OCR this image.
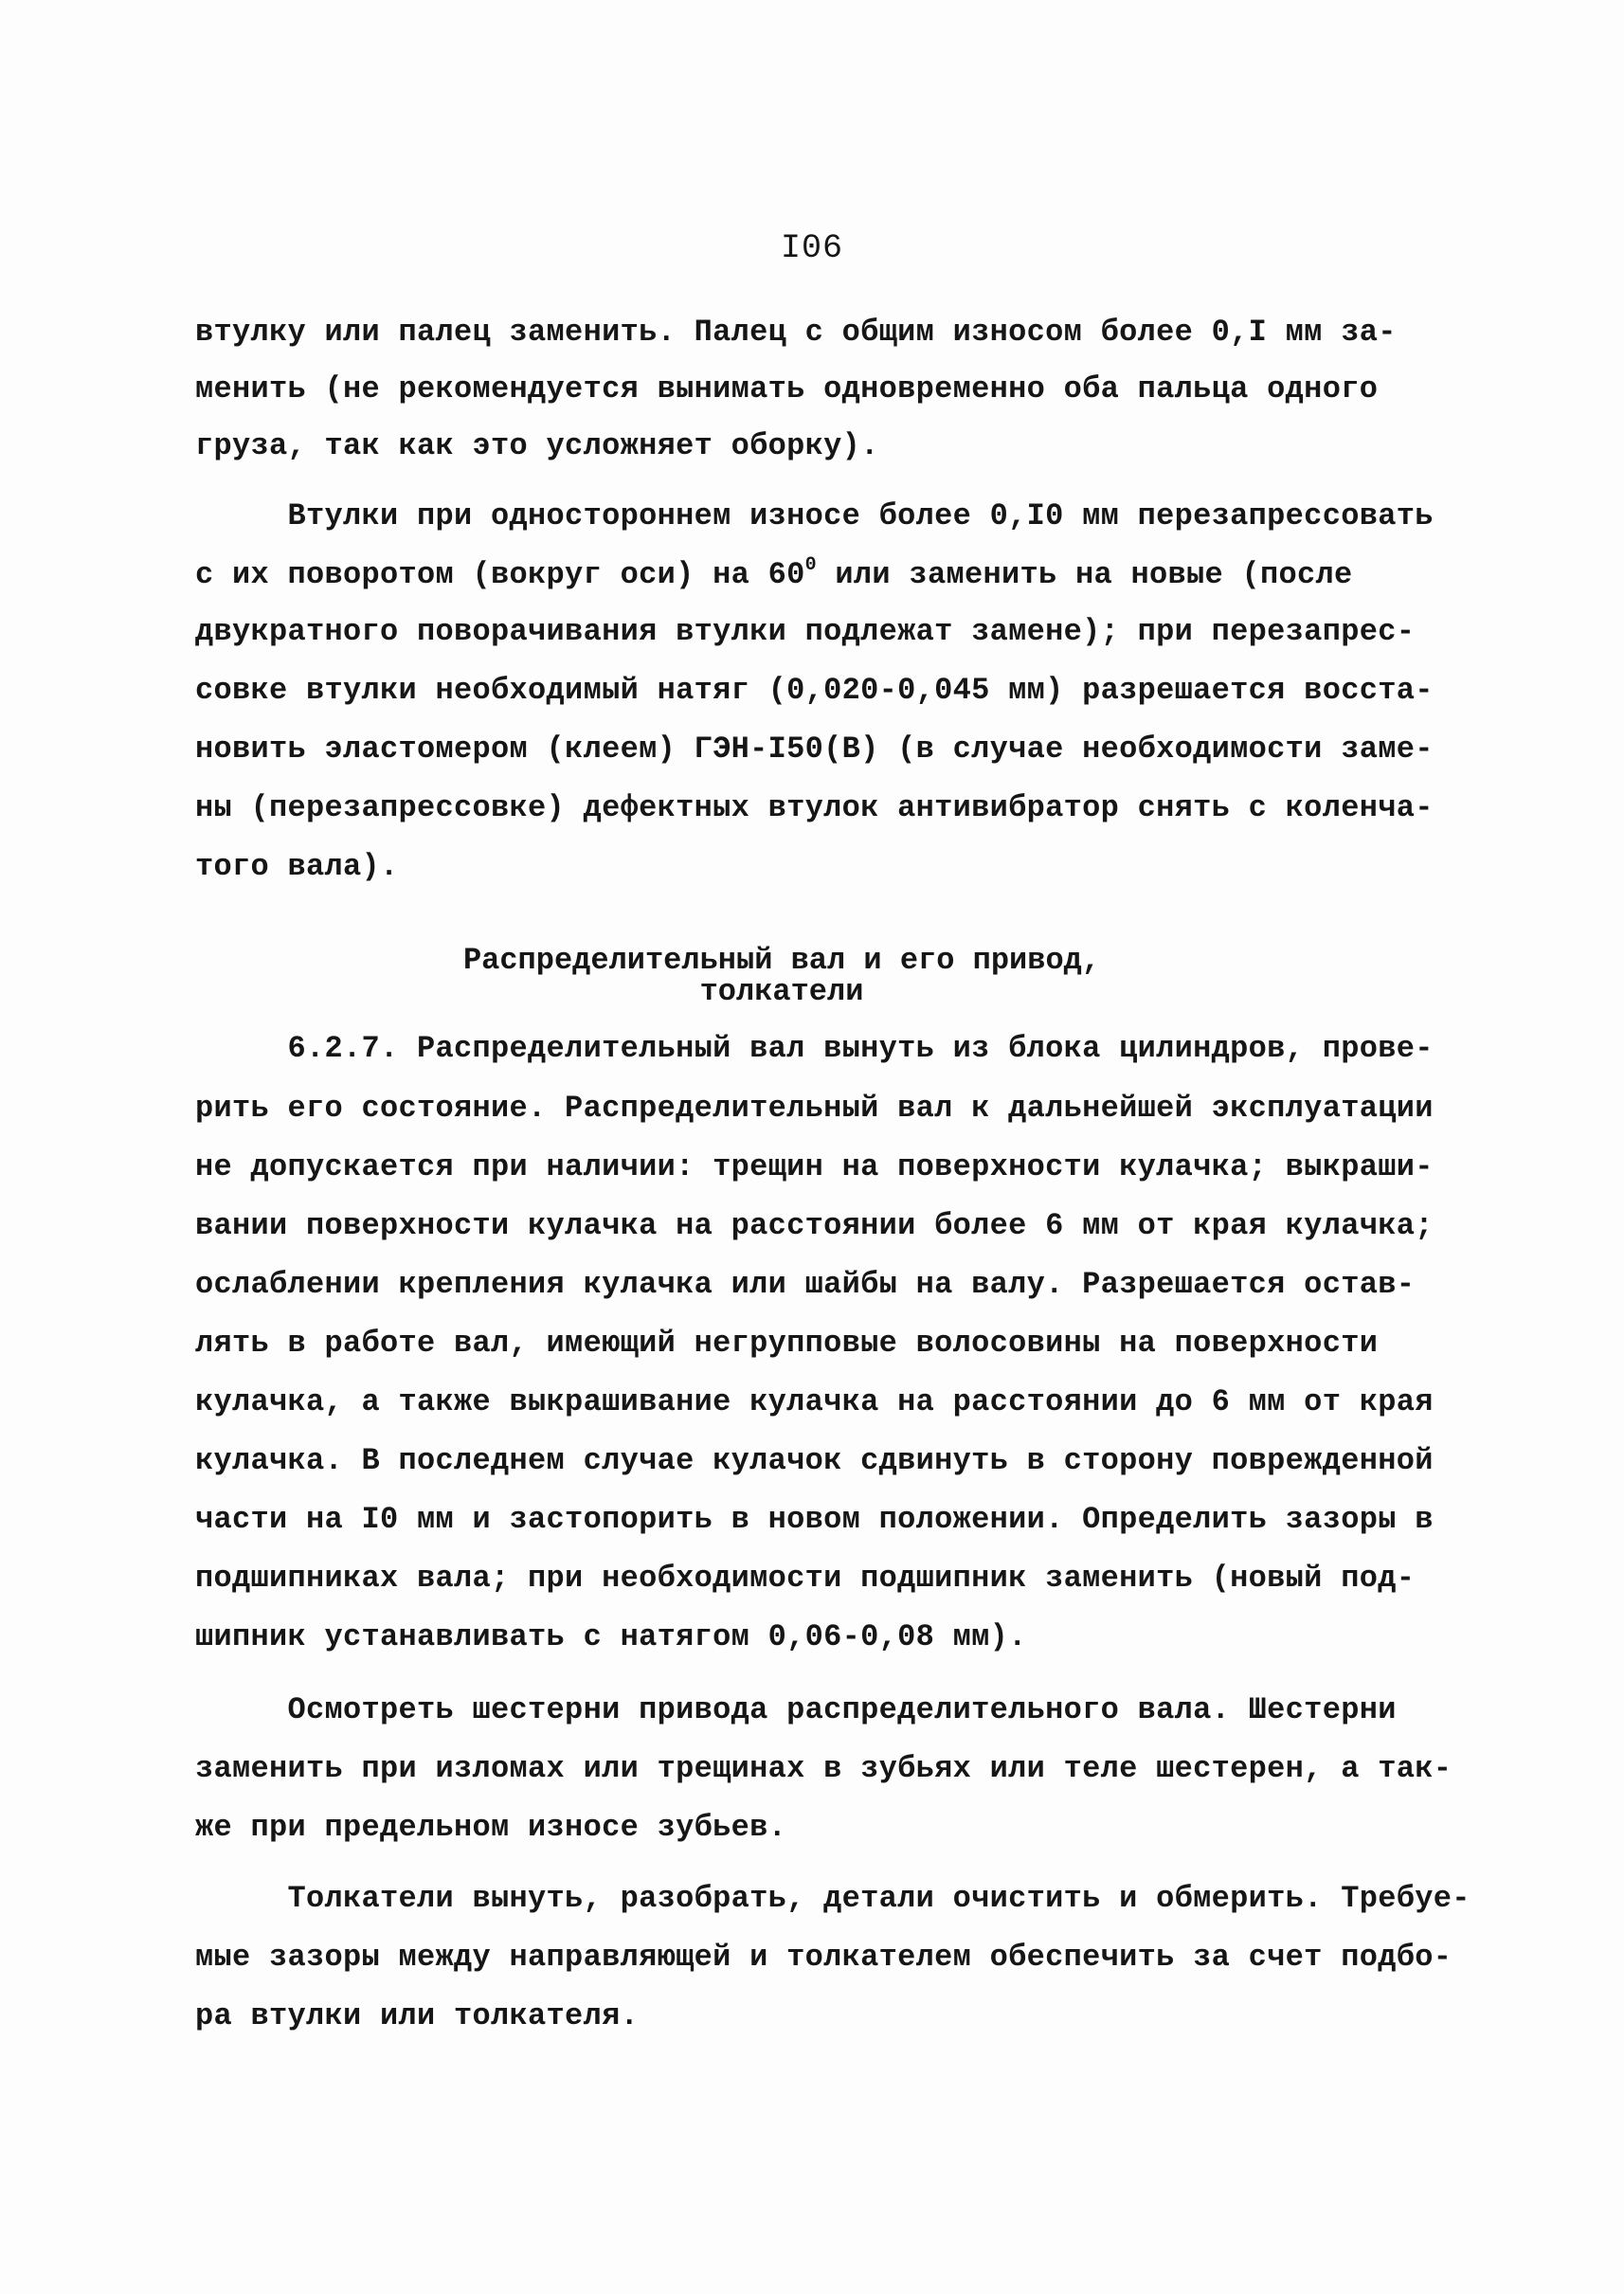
I06
втулку или палец заменить. Палец с общим износом более 0,I мм за-
менить (не рекомендуется вынимать одновременно оба пальца одного
груза, так как это усложняет оборку).
Втулки при одностороннем износе более 0,I0 мм перезапрессовать
с их поворотом (вокруг оси) на $60^0$ или заменить на новые (после
двукратного поворачивания втулки подлежат замене); при перезапрес-
совке втулки необходимый натяг (0,020-0,045 мм) разрешается восста-
новить эластомером (клеем) ГЭН-I50(В) (в случае необходимости заме-
ны (перезапрессовке) дефектных втулок антивибратор снять с коленча-
того вала).
Распределительный вал и его привод,
толкатели
6.2.7. Распределительный вал вынуть из блока цилиндров, прове-
рить его состояние. Распределительный вал к дальнейшей эксплуатации
не допускается при наличии: трещин на поверхности кулачка; выкраши-
вании поверхности кулачка на расстоянии более 6 мм от края кулачка;
ослаблении крепления кулачка или шайбы на валу. Разрешается остав-
лять в работе вал, имеющий негрупповые волосовины на поверхности
кулачка, а также выкрашивание кулачка на расстоянии до 6 мм от края
кулачка. В последнем случае кулачок сдвинуть в сторону поврежденной
части на I0 мм и застопорить в новом положении. Определить зазоры в
подшипниках вала; при необходимости подшипник заменить (новый под-
шипник устанавливать с натягом 0,06-0,08 мм).
Осмотреть шестерни привода распределительного вала. Шестерни
заменить при изломах или трещинах в зубьях или теле шестерен, а так-
же при предельном износе зубьев.
Толкатели вынуть, разобрать, детали очистить и обмерить. Требуе-
мые зазоры между направляющей и толкателем обеспечить за счет подбо-
ра втулки или толкателя.
